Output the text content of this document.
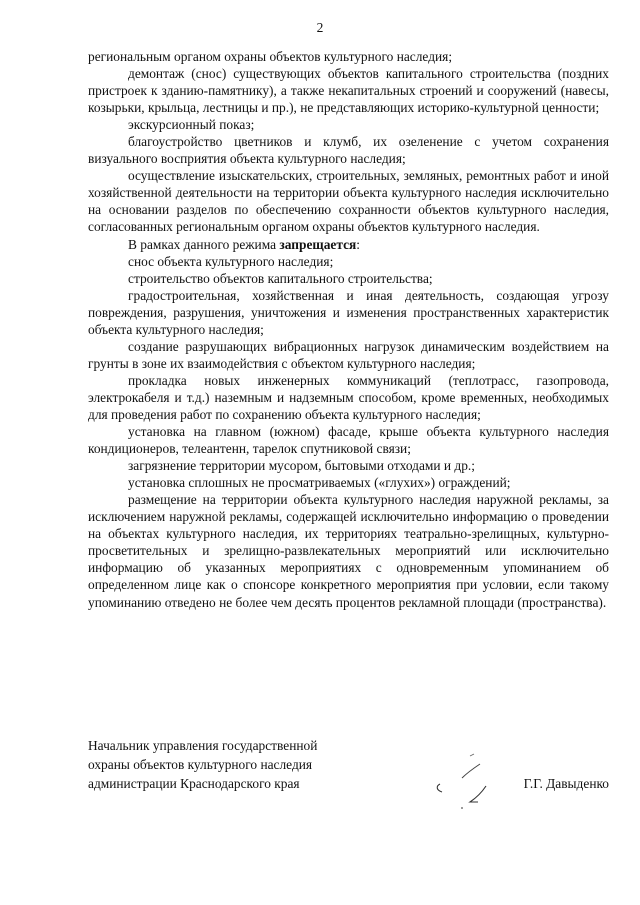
2

региональным органом охраны объектов культурного наследия;

демонтаж (снос) существующих объектов капитального строительства (поздних пристроек к зданию-памятнику), а также некапитальных строений и сооружений (навесы, козырьки, крыльца, лестницы и пр.), не представляющих историко-культурной ценности;

экскурсионный показ;

благоустройство цветников и клумб, их озеленение с учетом сохранения визуального восприятия объекта культурного наследия;

осуществление изыскательских, строительных, земляных, ремонтных работ и иной хозяйственной деятельности на территории объекта культурного наследия исключительно на основании разделов по обеспечению сохранности объектов культурного наследия, согласованных региональным органом охраны объектов культурного наследия.

В рамках данного режима запрещается:

снос объекта культурного наследия;

строительство объектов капитального строительства;

градостроительная, хозяйственная и иная деятельность, создающая угрозу повреждения, разрушения, уничтожения и изменения пространственных характеристик объекта культурного наследия;

создание разрушающих вибрационных нагрузок динамическим воздействием на грунты в зоне их взаимодействия с объектом культурного наследия;

прокладка новых инженерных коммуникаций (теплотрасс, газопровода, электрокабеля и т.д.) наземным и надземным способом, кроме временных, необходимых для проведения работ по сохранению объекта культурного наследия;

установка на главном (южном) фасаде, крыше объекта культурного наследия кондиционеров, телеантенн, тарелок спутниковой связи;

загрязнение территории мусором, бытовыми отходами и др.;

установка сплошных не просматриваемых («глухих») ограждений;

размещение на территории объекта культурного наследия наружной рекламы, за исключением наружной рекламы, содержащей исключительно информацию о проведении на объектах культурного наследия, их территориях театрально-зрелищных, культурно-просветительных и зрелищно-развлекательных мероприятий или исключительно информацию об указанных мероприятиях с одновременным упоминанием об определенном лице как о спонсоре конкретного мероприятия при условии, если такому упоминанию отведено не более чем десять процентов рекламной площади (пространства).

Начальник управления государственной
охраны объектов культурного наследия
администрации Краснодарского края	Г.Г. Давыденко
